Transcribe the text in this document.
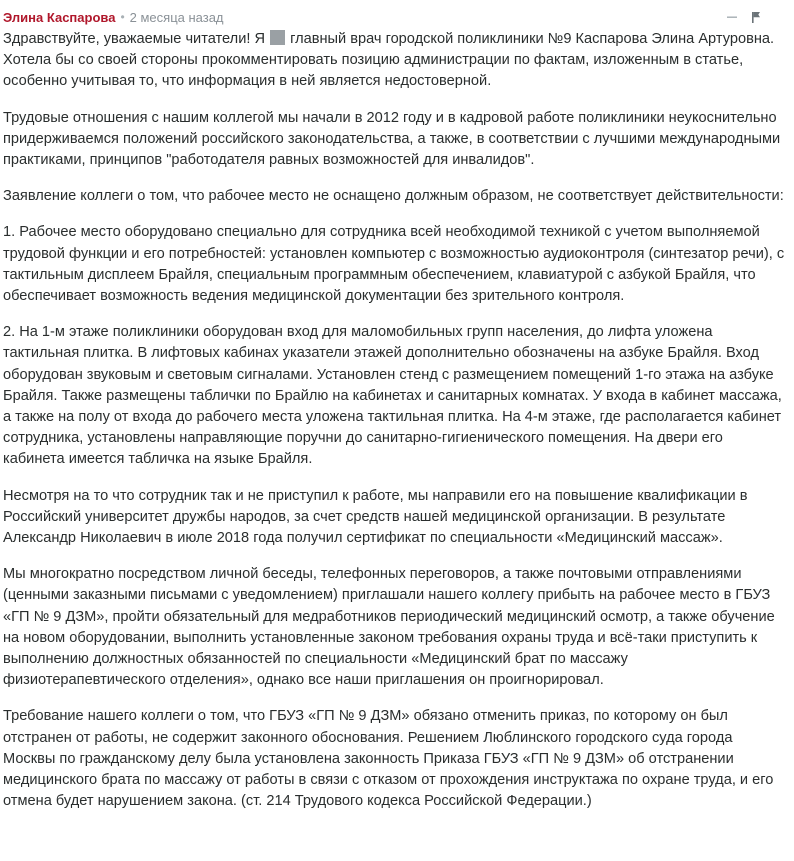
Элина Каспарова • 2 месяца назад

Здравствуйте, уважаемые читатели! Я  главный врач городской поликлиники №9 Каспарова Элина Артуровна. Хотела бы со своей стороны прокомментировать позицию администрации по фактам, изложенным в статье, особенно учитывая то, что информация в ней является недостоверной.

Трудовые отношения с нашим коллегой мы начали в 2012 году и в кадровой работе поликлиники неукоснительно придерживаемся положений российского законодательства, а также, в соответствии с лучшими международными практиками, принципов "работодателя равных возможностей для инвалидов".

Заявление коллеги о том, что рабочее место не оснащено должным образом, не соответствует действительности:

1. Рабочее место оборудовано специально для сотрудника всей необходимой техникой с учетом выполняемой трудовой функции и его потребностей: установлен компьютер с возможностью аудиоконтроля (синтезатор речи), с тактильным дисплеем Брайля, специальным программным обеспечением, клавиатурой с азбукой Брайля, что обеспечивает возможность ведения медицинской документации без зрительного контроля.

2. На 1-м этаже поликлиники оборудован вход для маломобильных групп населения, до лифта уложена тактильная плитка. В лифтовых кабинах указатели этажей дополнительно обозначены на азбуке Брайля. Вход оборудован звуковым и световым сигналами. Установлен стенд с размещением помещений 1-го этажа на азбуке Брайля. Также размещены таблички по Брайлю на кабинетах и санитарных комнатах. У входа в кабинет массажа, а также на полу от входа до рабочего места уложена тактильная плитка. На 4-м этаже, где располагается кабинет сотрудника, установлены направляющие поручни до санитарно-гигиенического помещения. На двери его кабинета имеется табличка на языке Брайля.

Несмотря на то что сотрудник так и не приступил к работе, мы направили его на повышение квалификации в Российский университет дружбы народов, за счет средств нашей медицинской организации. В результате Александр Николаевич в июле 2018 года получил сертификат по специальности «Медицинский массаж».

Мы многократно посредством личной беседы, телефонных переговоров, а также почтовыми отправлениями (ценными заказными письмами с уведомлением) приглашали нашего коллегу прибыть на рабочее место в ГБУЗ «ГП № 9 ДЗМ», пройти обязательный для медработников периодический медицинский осмотр, а также обучение на новом оборудовании, выполнить установленные законом требования охраны труда и всё-таки приступить к выполнению должностных обязанностей по специальности «Медицинский брат по массажу физиотерапевтического отделения», однако все наши приглашения он проигнорировал.

Требование нашего коллеги о том, что ГБУЗ «ГП № 9 ДЗМ» обязано отменить приказ, по которому он был отстранен от работы, не содержит законного обоснования. Решением Люблинского городского суда города Москвы по гражданскому делу была установлена законность Приказа ГБУЗ «ГП № 9 ДЗМ» об отстранении медицинского брата по массажу от работы в связи с отказом от прохождения инструктажа по охране труда, и его отмена будет нарушением закона. (ст. 214 Трудового кодекса Российской Федерации.)
